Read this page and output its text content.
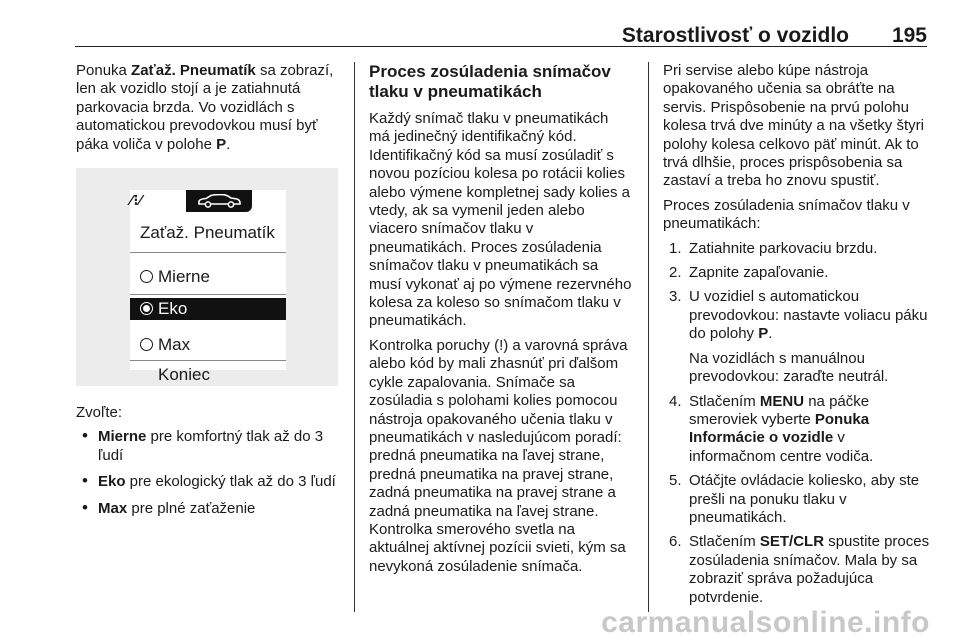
Starostlivosť o vozidlo 195

Ponuka Zaťaž. Pneumatík sa zobrazí, len ak vozidlo stojí a je zatiahnutá parkovacia brzda. Vo vozidlách s automatickou prevodovkou musí byť páka voliča v polohe P.

⁄⁝⁄
Zaťaž. Pneumatík
Mierne
Eko
Max
Koniec

Zvoľte:

• Mierne pre komfortný tlak až do 3 ľudí
• Eko pre ekologický tlak až do 3 ľudí
• Max pre plné zaťaženie
Proces zosúladenia snímačov tlaku v pneumatikách

Každý snímač tlaku v pneumatikách má jedinečný identifikačný kód. Identifikačný kód sa musí zosúladiť s novou pozíciou kolesa po rotácii kolies alebo výmene kompletnej sady kolies a vtedy, ak sa vymenil jeden alebo viacero snímačov tlaku v pneumatikách. Proces zosúladenia snímačov tlaku v pneumatikách sa musí vykonať aj po výmene rezervného kolesa za koleso so snímačom tlaku v pneumatikách.

Kontrolka poruchy (!) a varovná správa alebo kód by mali zhasnúť pri ďalšom cykle zapalovania. Snímače sa zosúladia s polohami kolies pomocou nástroja opakovaného učenia tlaku v pneumatikách v nasledujúcom poradí: predná pneumatika na ľavej strane, predná pneumatika na pravej strane, zadná pneumatika na pravej strane a zadná pneumatika na ľavej strane. Kontrolka smerového svetla na aktuálnej aktívnej pozícii svieti, kým sa nevykoná zosúladenie snímača.

Pri servise alebo kúpe nástroja opakovaného učenia sa obráťte na servis. Prispôsobenie na prvú polohu kolesa trvá dve minúty a na všetky štyri polohy kolesa celkovo päť minút. Ak to trvá dlhšie, proces prispôsobenia sa zastaví a treba ho znovu spustiť.

Proces zosúladenia snímačov tlaku v pneumatikách:

1. Zatiahnite parkovaciu brzdu.
2. Zapnite zapaľovanie.
3. U vozidiel s automatickou prevodovkou: nastavte voliacu páku do polohy P.
Na vozidlách s manuálnou prevodovkou: zaraďte neutrál.
4. Stlačením MENU na páčke smeroviek vyberte Ponuka Informácie o vozidle v informačnom centre vodiča.
5. Otáčjte ovládacie koliesko, aby ste prešli na ponuku tlaku v pneumatikách.
6. Stlačením SET/CLR spustite proces zosúladenia snímačov. Mala by sa zobraziť správa požadujúca potvrdenie.
carmanualsonline.info
